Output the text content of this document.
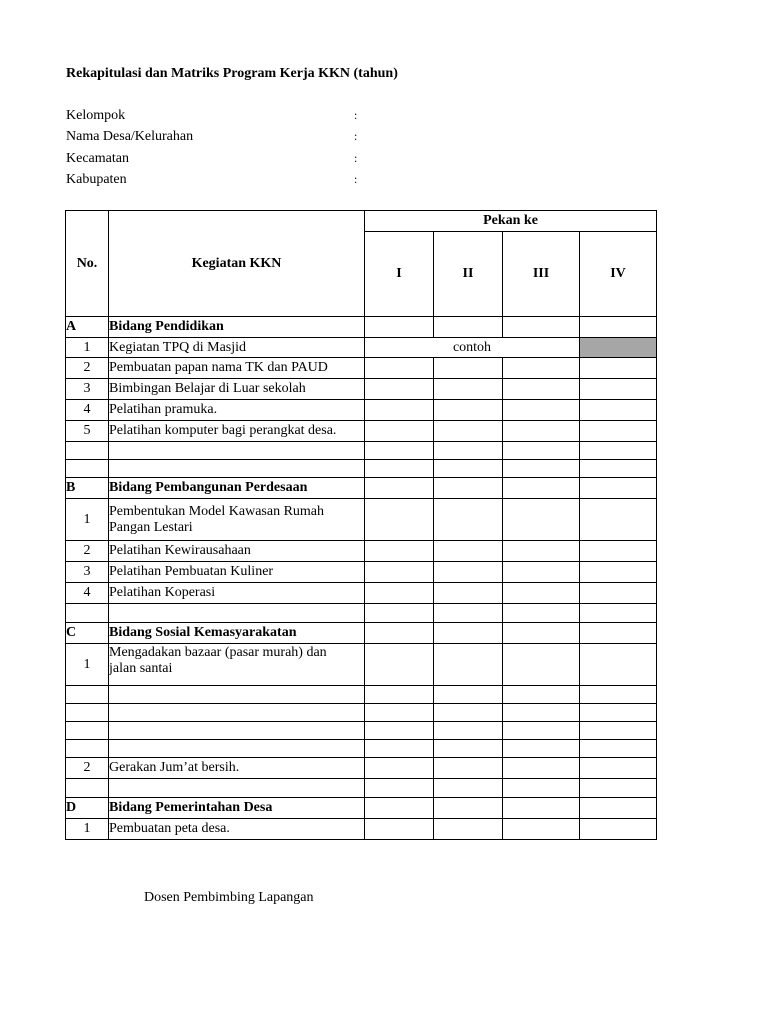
Rekapitulasi dan Matriks Program Kerja KKN (tahun)
Kelompok	:
Nama Desa/Kelurahan	:
Kecamatan	:
Kabupaten	:
No.	Kegiatan KKN	Pekan ke			
		I	II	III	IV
A	Bidang Pendidikan				
1	Kegiatan TPQ di Masjid	contoh			
2	Pembuatan papan nama TK dan PAUD				
3	Bimbingan Belajar di Luar sekolah				
4	Pelatihan pramuka.				
5	Pelatihan komputer bagi perangkat desa.				

B	Bidang Pembangunan Perdesaan				
1	Pembentukan Model Kawasan Rumah Pangan Lestari				
2	Pelatihan Kewirausahaan				
3	Pelatihan Pembuatan Kuliner				
4	Pelatihan Koperasi				

C	Bidang Sosial Kemasyarakatan				
1	Mengadakan bazaar (pasar murah) dan jalan santai				

2	Gerakan Jum’at bersih.				

D	Bidang Pemerintahan Desa				
1	Pembuatan peta desa.				
Dosen Pembimbing Lapangan
